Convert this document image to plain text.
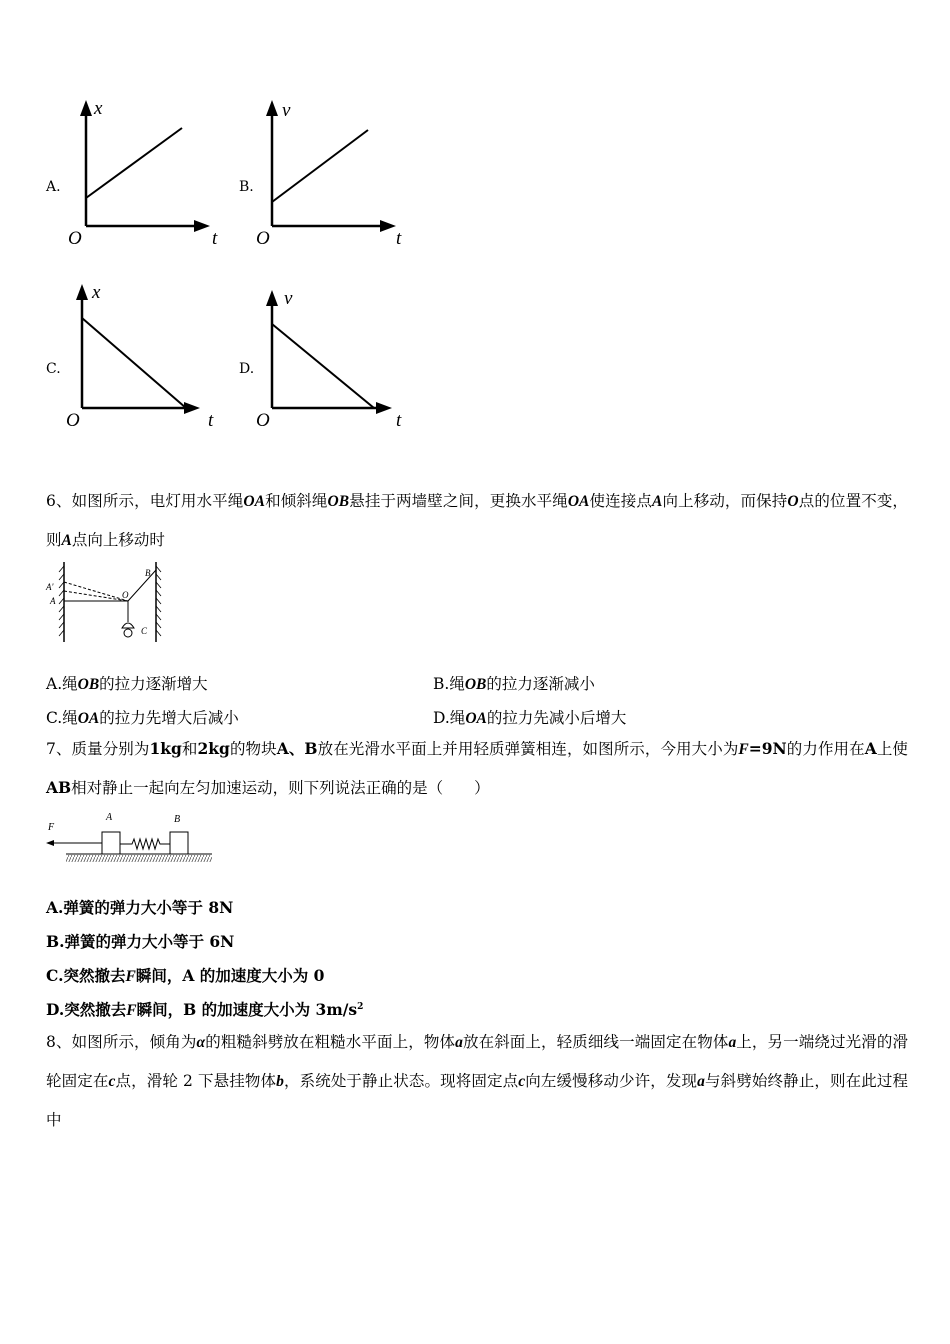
A.
x
O	t
B.
v
O	t
C.
x
O	t
D.
v
O	t
6、如图所示，电灯用水平绳OA和倾斜绳OB悬挂于两墙壁之间，更换水平绳OA使连接点A向上移动，而保持O点的位置不变，则A点向上移动时
A'
A
B
O
C
A.绳OB的拉力逐渐增大	B.绳OB的拉力逐渐减小
C.绳OA的拉力先增大后减小	D.绳OA的拉力先减小后增大
7、质量分别为1kg和2kg的物块A、B放在光滑水平面上并用轻质弹簧相连，如图所示，今用大小为F=9N的力作用在A上使AB相对静止一起向左匀加速运动，则下列说法正确的是（　　）
F
A	B
A.弹簧的弹力大小等于 8N
B.弹簧的弹力大小等于 6N
C.突然撤去F瞬间，A 的加速度大小为 0
D.突然撤去F瞬间，B 的加速度大小为 $3m/s^2$
8、如图所示，倾角为α的粗糙斜劈放在粗糙水平面上，物体a放在斜面上，轻质细线一端固定在物体a上，另一端绕过光滑的滑轮固定在c点，滑轮 2 下悬挂物体b，系统处于静止状态。现将固定点c向左缓慢移动少许，发现a与斜劈始终静止，则在此过程中
